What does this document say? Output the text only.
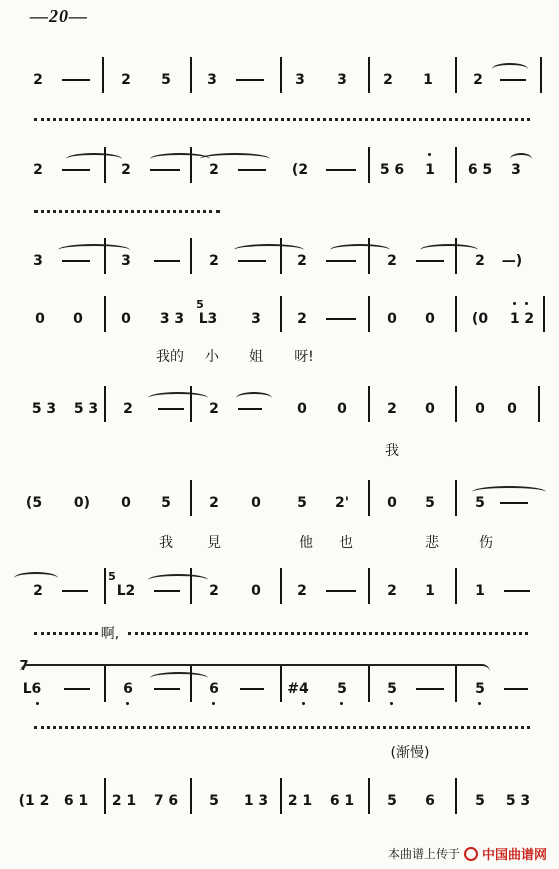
—20—
2	2 5	3	3 3	2 1	2
2	2	2	(2	5 6 1 6 5 3
3	3	2	2	2	2 —)
0 0	0 3 3
5
ᒪ3 3	2	0 0	(0 1 2
我的 小 姐 呀!
5 3 5 3 2	2	0 0	2 0	0 0
我
(5 0) 0 5	2 0	5 2'	0 5	5
我 見	他 也	悲	伤
2
5
ᒪ2	2 0	2	2 1	1
啊,
7
ᒪ6	6	6	#4 5	5	5
(渐慢)
(1 2 6 1 2 1 7 6 5 1 3 2 1 6 1 5 6	5 5 3
本曲谱上传于 中国曲谱网
